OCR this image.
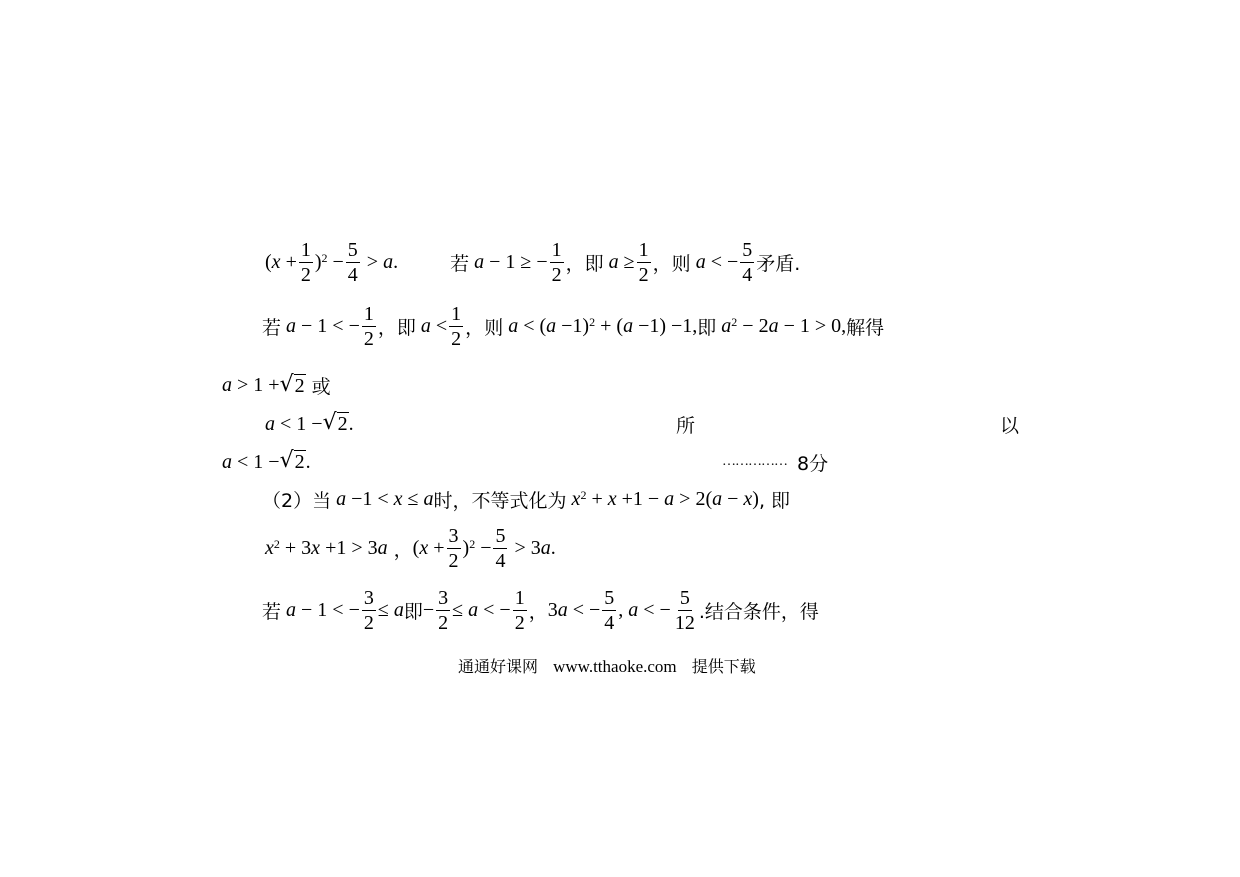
( $x + \frac{1}{2} )^2 - \frac{5}{4} > a$ .	若 a − 1 ≥ − $\frac{1}{2}$ ， 即 $a \ge \frac{1}{2}$ ， 则 a < − $\frac{5}{4}$ 矛盾.
若 a − 1 < − $\frac{1}{2}$ ， 即 $a < \frac{1}{2}$ ， 则 a < ( a −1)$^2$ + ( a −1) −1, 即 $a^2 - 2$ a − 1 > 0, 解得
a > 1 + √ 2
或
a < 1 − √ 2 .	所	以
a < 1 − √ 2 .	…………… 8分
（2）当 a −1 < x ≤ a 时，不等式化为 $x^2 + x +1 - a > 2$( a − x ) , 即
$x^2 + 3$ x +1 > 3 a ， ( $x + \frac{3}{2} )^2 - \frac{5}{4} > 3$ a .
若 a − 1 < − $\frac{3}{2} \le a$ 即 − $\frac{3}{2} \le a$ < − $\frac{1}{2}$ ， 3 a < − $\frac{5}{4}$ , a < − $\frac{5}{12}$ .结合条件，得
通通好课网 www.tthaoke.com 提供下载
